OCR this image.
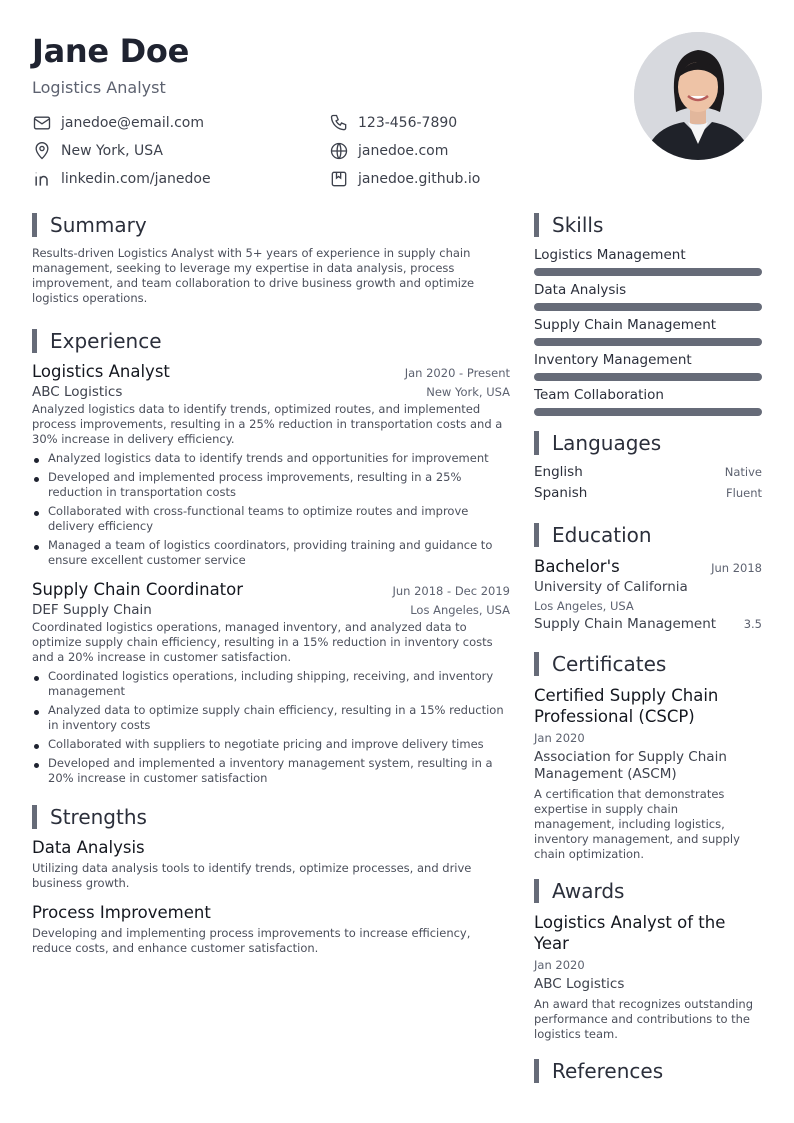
Jane Doe
Logistics Analyst
janedoe@email.com	123-456-7890
New York, USA	janedoe.com
linkedin.com/janedoe	janedoe.github.io
Summary
Results-driven Logistics Analyst with 5+ years of experience in supply chain management, seeking to leverage my expertise in data analysis, process improvement, and team collaboration to drive business growth and optimize logistics operations.
Experience
Logistics Analyst	Jan 2020 - Present
ABC Logistics	New York, USA
Analyzed logistics data to identify trends, optimized routes, and implemented process improvements, resulting in a 25% reduction in transportation costs and a 30% increase in delivery efficiency.
Analyzed logistics data to identify trends and opportunities for improvement
Developed and implemented process improvements, resulting in a 25% reduction in transportation costs
Collaborated with cross-functional teams to optimize routes and improve delivery efficiency
Managed a team of logistics coordinators, providing training and guidance to ensure excellent customer service
Supply Chain Coordinator	Jun 2018 - Dec 2019
DEF Supply Chain	Los Angeles, USA
Coordinated logistics operations, managed inventory, and analyzed data to optimize supply chain efficiency, resulting in a 15% reduction in inventory costs and a 20% increase in customer satisfaction.
Coordinated logistics operations, including shipping, receiving, and inventory management
Analyzed data to optimize supply chain efficiency, resulting in a 15% reduction in inventory costs
Collaborated with suppliers to negotiate pricing and improve delivery times
Developed and implemented a inventory management system, resulting in a 20% increase in customer satisfaction
Strengths
Data Analysis
Utilizing data analysis tools to identify trends, optimize processes, and drive business growth.
Process Improvement
Developing and implementing process improvements to increase efficiency, reduce costs, and enhance customer satisfaction.
Skills
Logistics Management
Data Analysis
Supply Chain Management
Inventory Management
Team Collaboration
Languages
English	Native
Spanish	Fluent
Education
Bachelor's	Jun 2018
University of California
Los Angeles, USA
Supply Chain Management 3.5
Certificates
Certified Supply Chain Professional (CSCP)
Jan 2020
Association for Supply Chain Management (ASCM)
A certification that demonstrates expertise in supply chain management, including logistics, inventory management, and supply chain optimization.
Awards
Logistics Analyst of the Year
Jan 2020
ABC Logistics
An award that recognizes outstanding performance and contributions to the logistics team.
References
